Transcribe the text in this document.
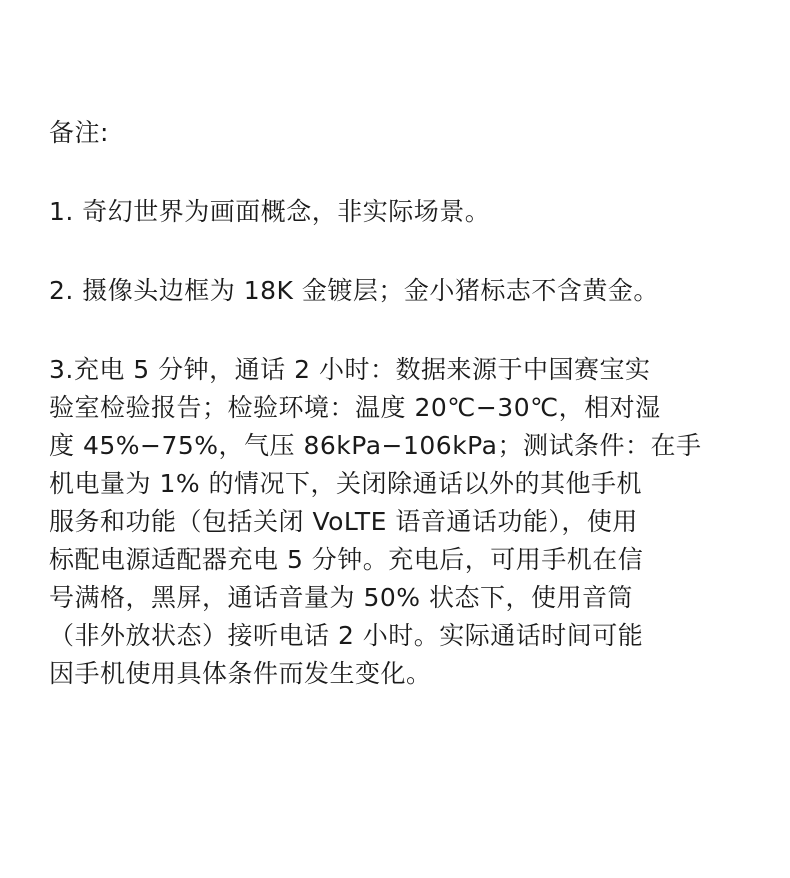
备注:
1. 奇幻世界为画面概念，非实际场景。
2. 摄像头边框为 18K 金镀层；金小猪标志不含黄金。
3.充电 5 分钟，通话 2 小时：数据来源于中国赛宝实
验室检验报告；检验环境：温度 20℃−30℃，相对湿
度 45%−75%，气压 86kPa−106kPa；测试条件：在手
机电量为 1% 的情况下，关闭除通话以外的其他手机
服务和功能（包括关闭 VoLTE 语音通话功能），使用
标配电源适配器充电 5 分钟。充电后，可用手机在信
号满格，黑屏，通话音量为 50% 状态下，使用音筒
（非外放状态）接听电话 2 小时。实际通话时间可能
因手机使用具体条件而发生变化。
